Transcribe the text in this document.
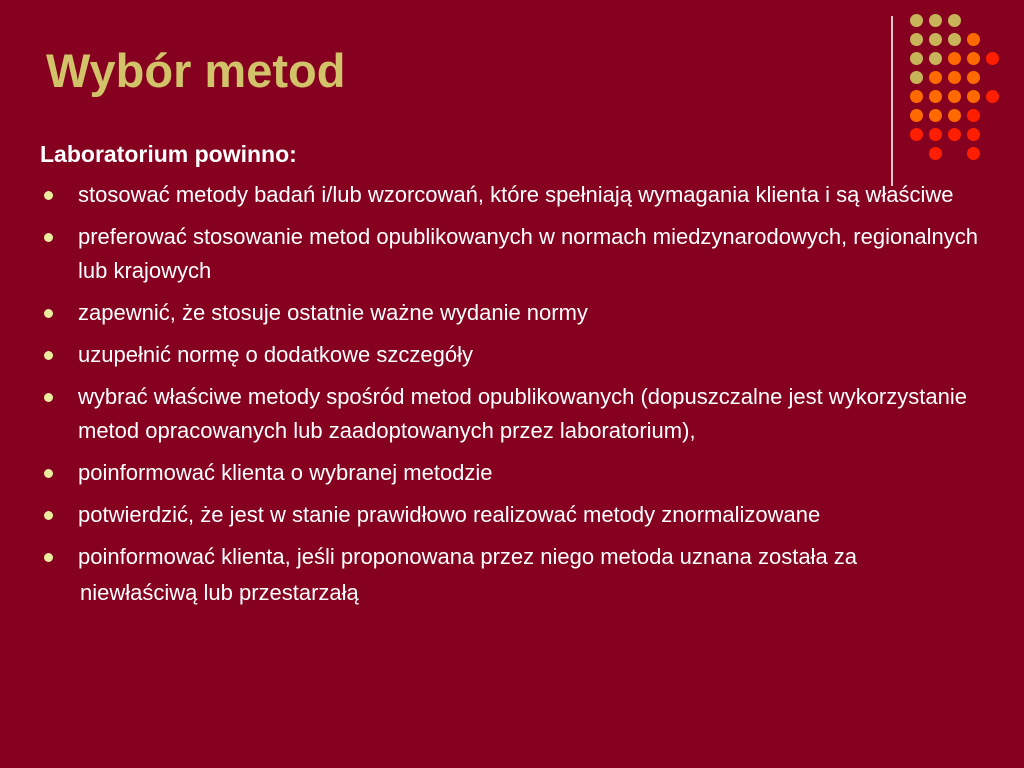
Wybór metod
Laboratorium powinno:
stosować metody badań i/lub wzorcowań, które spełniają wymagania klienta i są właściwe
preferować stosowanie metod opublikowanych w normach miedzynarodowych, regionalnych lub krajowych
zapewnić, że stosuje ostatnie ważne wydanie normy
uzupełnić normę o dodatkowe szczegóły
wybrać właściwe metody spośród metod opublikowanych (dopuszczalne jest wykorzystanie metod opracowanych lub zaadoptowanych przez laboratorium),
poinformować klienta o wybranej metodzie
potwierdzić, że jest w stanie prawidłowo realizować metody znormalizowane
poinformować klienta, jeśli proponowana przez niego metoda uznana została za
niewłaściwą lub przestarzałą
